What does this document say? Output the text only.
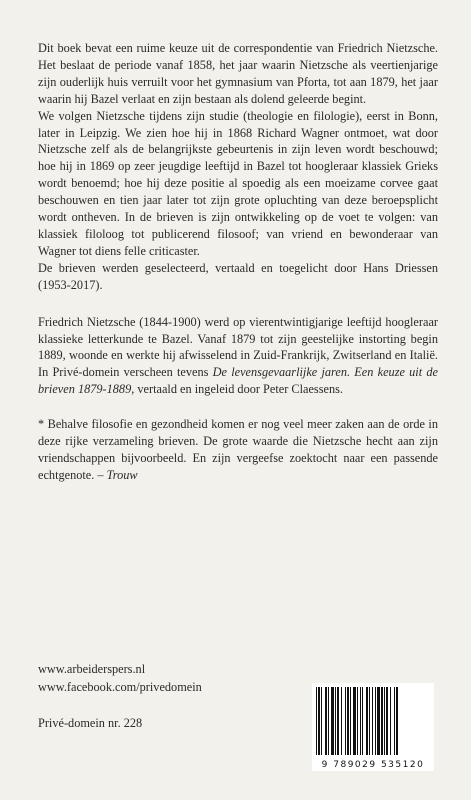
Dit boek bevat een ruime keuze uit de correspondentie van Friedrich Nietzsche. Het beslaat de periode vanaf 1858, het jaar waarin Nietzsche als veertienjarige zijn ouderlijk huis verruilt voor het gymnasium van Pforta, tot aan 1879, het jaar waarin hij Bazel verlaat en zijn bestaan als dolend geleerde begint.

We volgen Nietzsche tijdens zijn studie (theologie en filologie), eerst in Bonn, later in Leipzig. We zien hoe hij in 1868 Richard Wagner ontmoet, wat door Nietzsche zelf als de belangrijkste gebeurtenis in zijn leven wordt beschouwd; hoe hij in 1869 op zeer jeugdige leeftijd in Bazel tot hoogleraar klassiek Grieks wordt benoemd; hoe hij deze positie al spoedig als een moeizame corvee gaat beschouwen en tien jaar later tot zijn grote opluchting van deze beroepsplicht wordt ontheven. In de brieven is zijn ontwikkeling op de voet te volgen: van klassiek filoloog tot publicerend filosoof; van vriend en bewonderaar van Wagner tot diens felle criticaster.

De brieven werden geselecteerd, vertaald en toegelicht door Hans Driessen (1953-2017).

Friedrich Nietzsche (1844-1900) werd op vierentwintigjarige leeftijd hoogleraar klassieke letterkunde te Bazel. Vanaf 1879 tot zijn geestelijke instorting begin 1889, woonde en werkte hij afwisselend in Zuid-Frankrijk, Zwitserland en Italië. In Privé-domein verscheen tevens De levensgevaarlijke jaren. Een keuze uit de brieven 1879-1889, vertaald en ingeleid door Peter Claessens.

* Behalve filosofie en gezondheid komen er nog veel meer zaken aan de orde in deze rijke verzameling brieven. De grote waarde die Nietzsche hecht aan zijn vriendschappen bijvoorbeeld. En zijn vergeefse zoektocht naar een passende echtgenote. – Trouw

www.arbeiderspers.nl

www.facebook.com/privedomein

Privé-domein nr. 228

9 789029 535120
